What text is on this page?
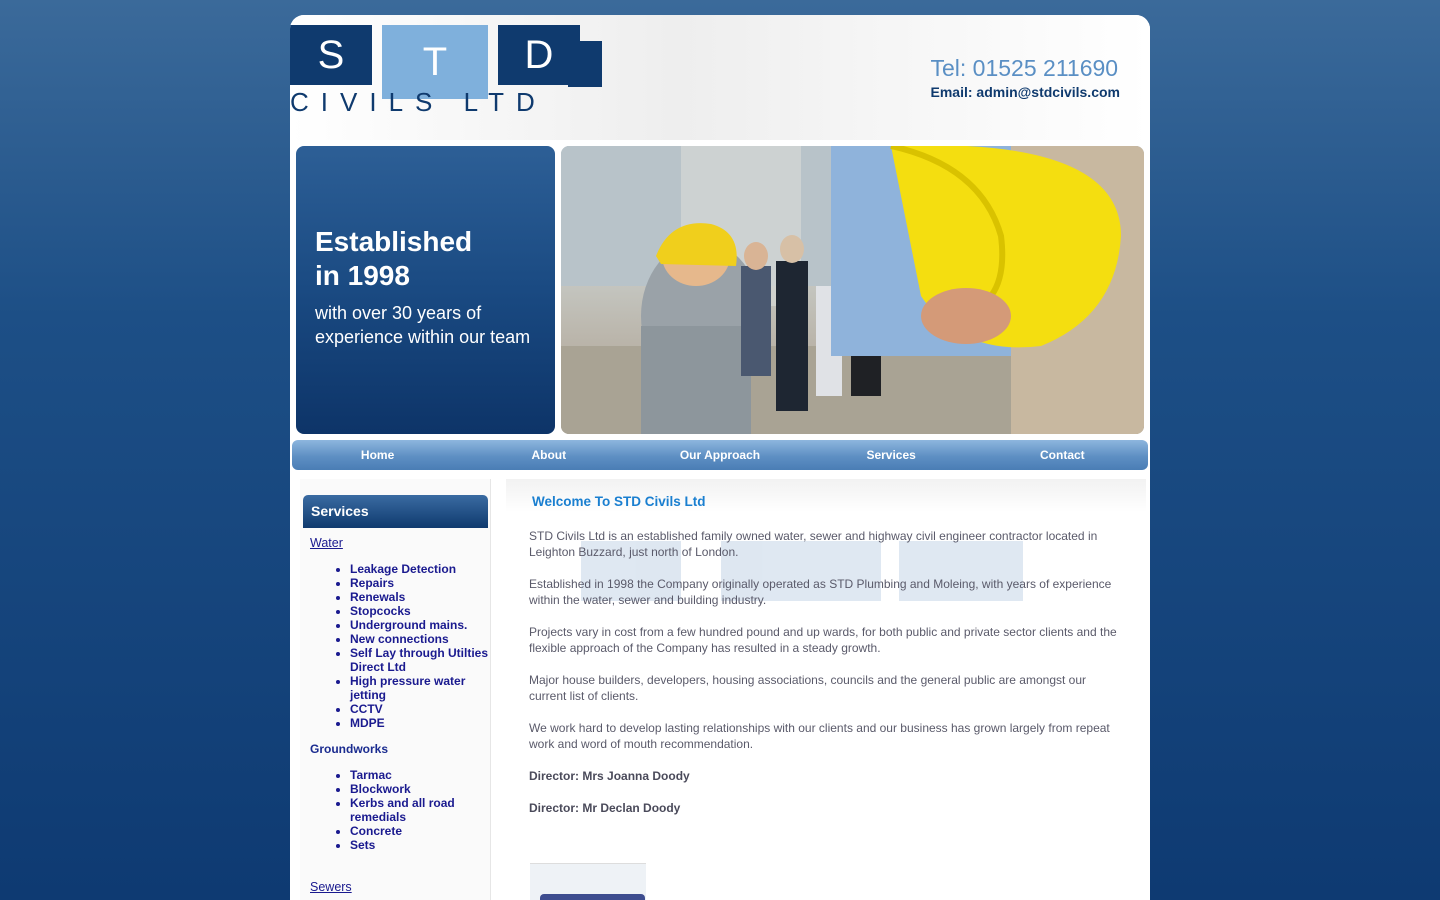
S	T	D
CIVILS LTD
Tel: 01525 211690
Email: admin@stdcivils.com
Established
in 1998
with over 30 years of experience within our team
Home	About	Our Approach	Services	Contact
Services

Water

• Leakage Detection
• Repairs
• Renewals
• Stopcocks
• Underground mains.
• New connections
• Self Lay through Utilties Direct Ltd
• High pressure water jetting
• CCTV
• MDPE

Groundworks

• Tarmac
• Blockwork
• Kerbs and all road remedials
• Concrete
• Sets

Sewers

Welcome To STD Civils Ltd

STD Civils Ltd is an established family owned water, sewer and highway civil engineer contractor located in Leighton Buzzard, just north of London.

Established in 1998 the Company originally operated as STD Plumbing and Moleing, with years of experience within the water, sewer and building industry.

Projects vary in cost from a few hundred pound and up wards, for both public and private sector clients and the flexible approach of the Company has resulted in a steady growth.

Major house builders, developers, housing associations, councils and the general public are amongst our current list of clients.

We work hard to develop lasting relationships with our clients and our business has grown largely from repeat work and word of mouth recommendation.

Director: Mrs Joanna Doody

Director: Mr Declan Doody
